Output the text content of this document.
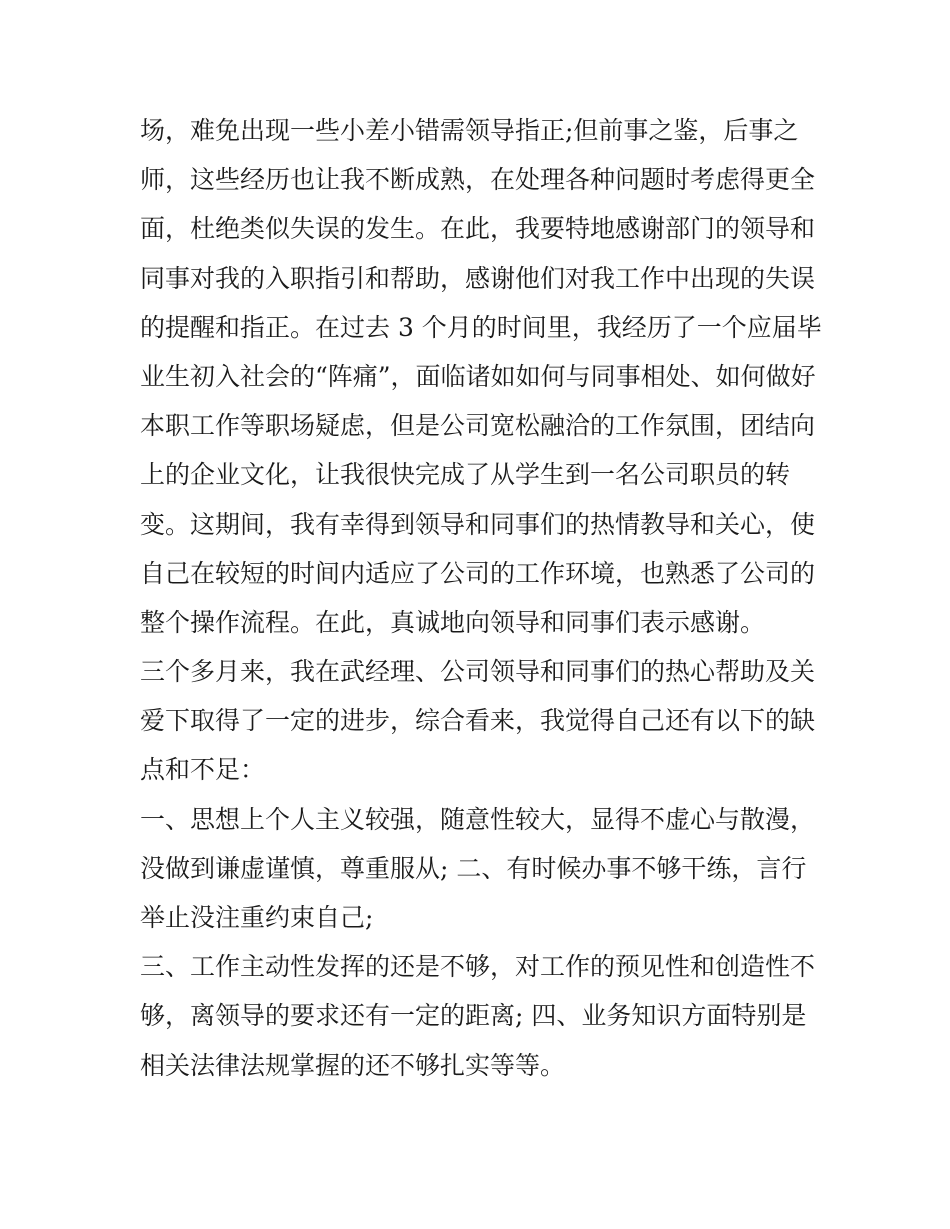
场，难免出现一些小差小错需领导指正;但前事之鉴，后事之
师，这些经历也让我不断成熟，在处理各种问题时考虑得更全
面，杜绝类似失误的发生。在此，我要特地感谢部门的领导和
同事对我的入职指引和帮助，感谢他们对我工作中出现的失误
的提醒和指正。在过去 3 个月的时间里，我经历了一个应届毕
业生初入社会的“阵痛”，面临诸如如何与同事相处、如何做好
本职工作等职场疑虑，但是公司宽松融洽的工作氛围，团结向
上的企业文化，让我很快完成了从学生到一名公司职员的转
变。这期间，我有幸得到领导和同事们的热情教导和关心，使
自己在较短的时间内适应了公司的工作环境，也熟悉了公司的
整个操作流程。在此，真诚地向领导和同事们表示感谢。
三个多月来，我在武经理、公司领导和同事们的热心帮助及关
爱下取得了一定的进步，综合看来，我觉得自己还有以下的缺
点和不足：
一、思想上个人主义较强，随意性较大，显得不虚心与散漫，
没做到谦虚谨慎，尊重服从; 二、有时候办事不够干练，言行
举止没注重约束自己;
三、工作主动性发挥的还是不够，对工作的预见性和创造性不
够，离领导的要求还有一定的距离; 四、业务知识方面特别是
相关法律法规掌握的还不够扎实等等。
